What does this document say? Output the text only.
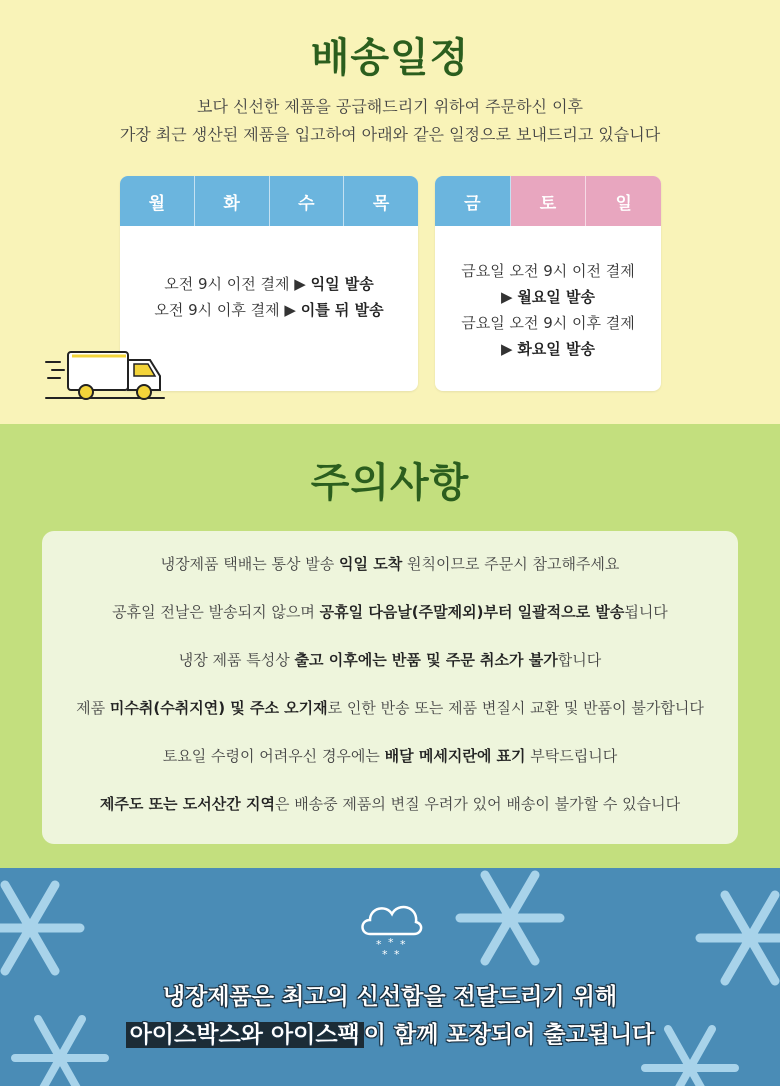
배송일정
보다 신선한 제품을 공급해드리기 위하여 주문하신 이후
가장 최근 생산된 제품을 입고하여 아래와 같은 일정으로 보내드리고 있습니다
월	화	수	목
오전 9시 이전 결제 ▶ 익일 발송
오전 9시 이후 결제 ▶ 이틀 뒤 발송
금	토	일
금요일 오전 9시 이전 결제
▶ 월요일 발송
금요일 오전 9시 이후 결제
▶ 화요일 발송
주의사항
냉장제품 택배는 통상 발송 익일 도착 원칙이므로 주문시 참고해주세요
공휴일 전날은 발송되지 않으며 공휴일 다음날(주말제외)부터 일괄적으로 발송됩니다
냉장 제품 특성상 출고 이후에는 반품 및 주문 취소가 불가합니다
제품 미수취(수취지연) 및 주소 오기재로 인한 반송 또는 제품 변질시 교환 및 반품이 불가합니다
토요일 수령이 어려우신 경우에는 배달 메세지란에 표기 부탁드립니다
제주도 또는 도서산간 지역은 배송중 제품의 변질 우려가 있어 배송이 불가할 수 있습니다
* * *
* *
냉장제품은 최고의 신선함을 전달드리기 위해
아이스박스와 아이스팩 이 함께 포장되어 출고됩니다
